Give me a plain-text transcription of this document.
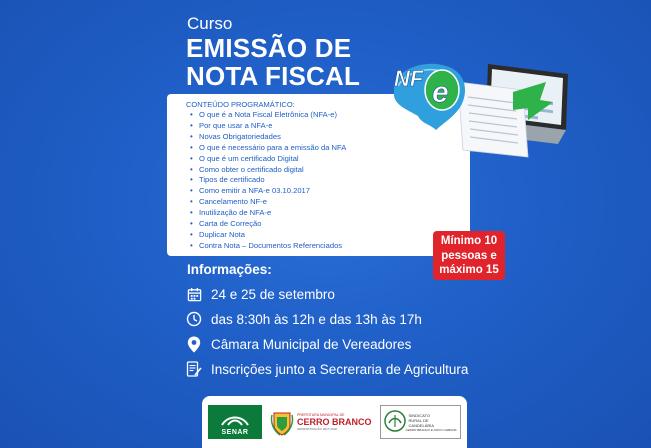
Curso
EMISSÃO DE
NOTA FISCAL
CONTEÚDO PROGRAMÁTICO:
• O que é a Nota Fiscal Eletrônica (NFA-e)
• Por que usar a NFA-e
• Novas Obrigatoriedades
• O que é necessário para a emissão da NFA
• O que é um certificado Digital
• Como obter o certificado digital
• Tipos de certificado
• Como emitir a NFA-e 03.10.2017
• Cancelamento NF-e
• Inutilização de NFA-e
• Carta de Correção
• Duplicar Nota
• Contra Nota – Documentos Referenciados
NF e
Mínimo 10
pessoas e
máximo 15
Informações:
24 e 25 de setembro
das 8:30h às 12h e das 13h às 17h
Câmara Municipal de Vereadores
Inscrições junto a Secreraria de Agricultura
SENAR
PREFEITURA MUNICIPAL DE
CERRO BRANCO
ADMINISTRAÇÃO 2017-2020
SINDICATO
RURAL DE
CANDELÁRIA
CERRO BRANCO E NOVO CABRAIS
